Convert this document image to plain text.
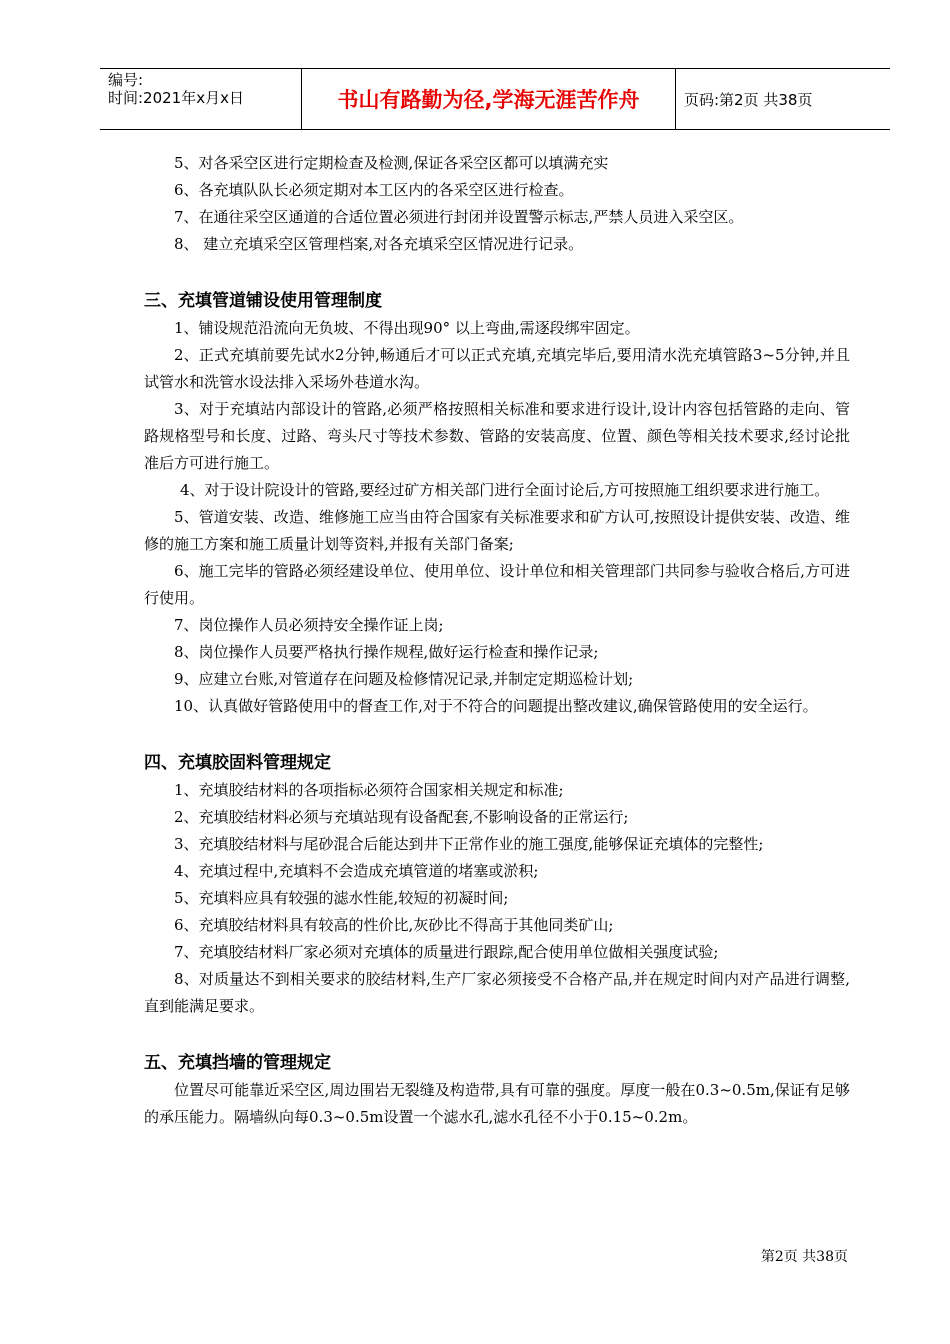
编号:
时间:2021年x月x日	书山有路勤为径,学海无涯苦作舟	页码:第2页 共38页

5、对各采空区进行定期检查及检测,保证各采空区都可以填满充实

6、各充填队队长必须定期对本工区内的各采空区进行检查。

7、在通往采空区通道的合适位置必须进行封闭并设置警示标志,严禁人员进入采空区。

8、 建立充填采空区管理档案,对各充填采空区情况进行记录。

三、充填管道铺设使用管理制度

1、铺设规范沿流向无负坡、不得出现90° 以上弯曲,需逐段绑牢固定。

2、正式充填前要先试水2分钟,畅通后才可以正式充填,充填完毕后,要用清水洗充填管路3~5分钟,并且试管水和洗管水设法排入采场外巷道水沟。

3、对于充填站内部设计的管路,必须严格按照相关标准和要求进行设计,设计内容包括管路的走向、管路规格型号和长度、过路、弯头尺寸等技术参数、管路的安装高度、位置、颜色等相关技术要求,经讨论批准后方可进行施工。

4、对于设计院设计的管路,要经过矿方相关部门进行全面讨论后,方可按照施工组织要求进行施工。

5、管道安装、改造、维修施工应当由符合国家有关标准要求和矿方认可,按照设计提供安装、改造、维修的施工方案和施工质量计划等资料,并报有关部门备案;

6、施工完毕的管路必须经建设单位、使用单位、设计单位和相关管理部门共同参与验收合格后,方可进行使用。

7、岗位操作人员必须持安全操作证上岗;

8、岗位操作人员要严格执行操作规程,做好运行检查和操作记录;

9、应建立台账,对管道存在问题及检修情况记录,并制定定期巡检计划;

10、认真做好管路使用中的督查工作,对于不符合的问题提出整改建议,确保管路使用的安全运行。

四、充填胶固料管理规定

1、充填胶结材料的各项指标必须符合国家相关规定和标准;

2、充填胶结材料必须与充填站现有设备配套,不影响设备的正常运行;

3、充填胶结材料与尾砂混合后能达到井下正常作业的施工强度,能够保证充填体的完整性;

4、充填过程中,充填料不会造成充填管道的堵塞或淤积;

5、充填料应具有较强的滤水性能,较短的初凝时间;

6、充填胶结材料具有较高的性价比,灰砂比不得高于其他同类矿山;

7、充填胶结材料厂家必须对充填体的质量进行跟踪,配合使用单位做相关强度试验;

8、对质量达不到相关要求的胶结材料,生产厂家必须接受不合格产品,并在规定时间内对产品进行调整,直到能满足要求。

五、充填挡墙的管理规定

位置尽可能靠近采空区,周边围岩无裂缝及构造带,具有可靠的强度。厚度一般在0.3~0.5m,保证有足够的承压能力。隔墙纵向每0.3~0.5m设置一个滤水孔,滤水孔径不小于0.15~0.2m。

第2页 共38页
